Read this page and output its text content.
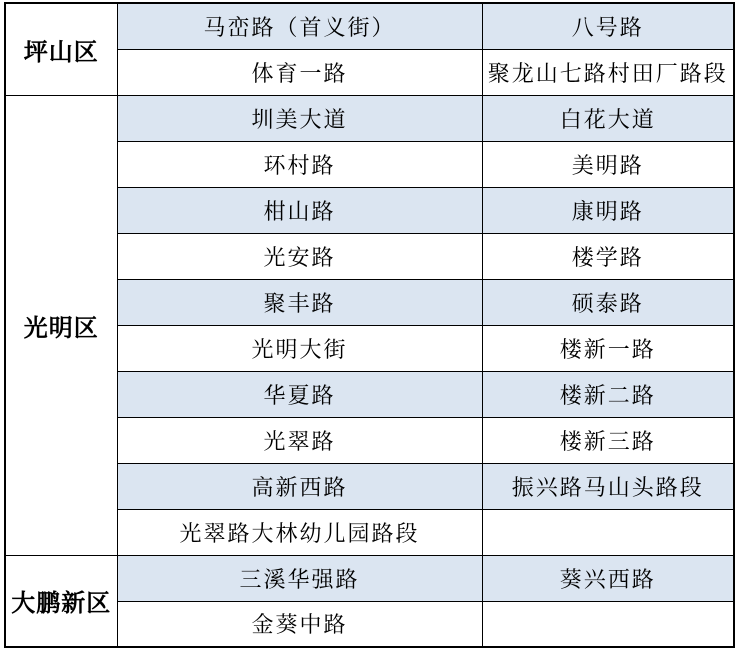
坪山区	马峦路（首义街）	八号路
	体育一路	聚龙山七路村田厂路段
光明区	圳美大道	白花大道
	环村路	美明路
	柑山路	康明路
	光安路	楼学路
	聚丰路	硕泰路
	光明大街	楼新一路
	华夏路	楼新二路
	光翠路	楼新三路
	高新西路	振兴路马山头路段
	光翠路大林幼儿园路段	
大鹏新区	三溪华强路	葵兴西路
	金葵中路	
